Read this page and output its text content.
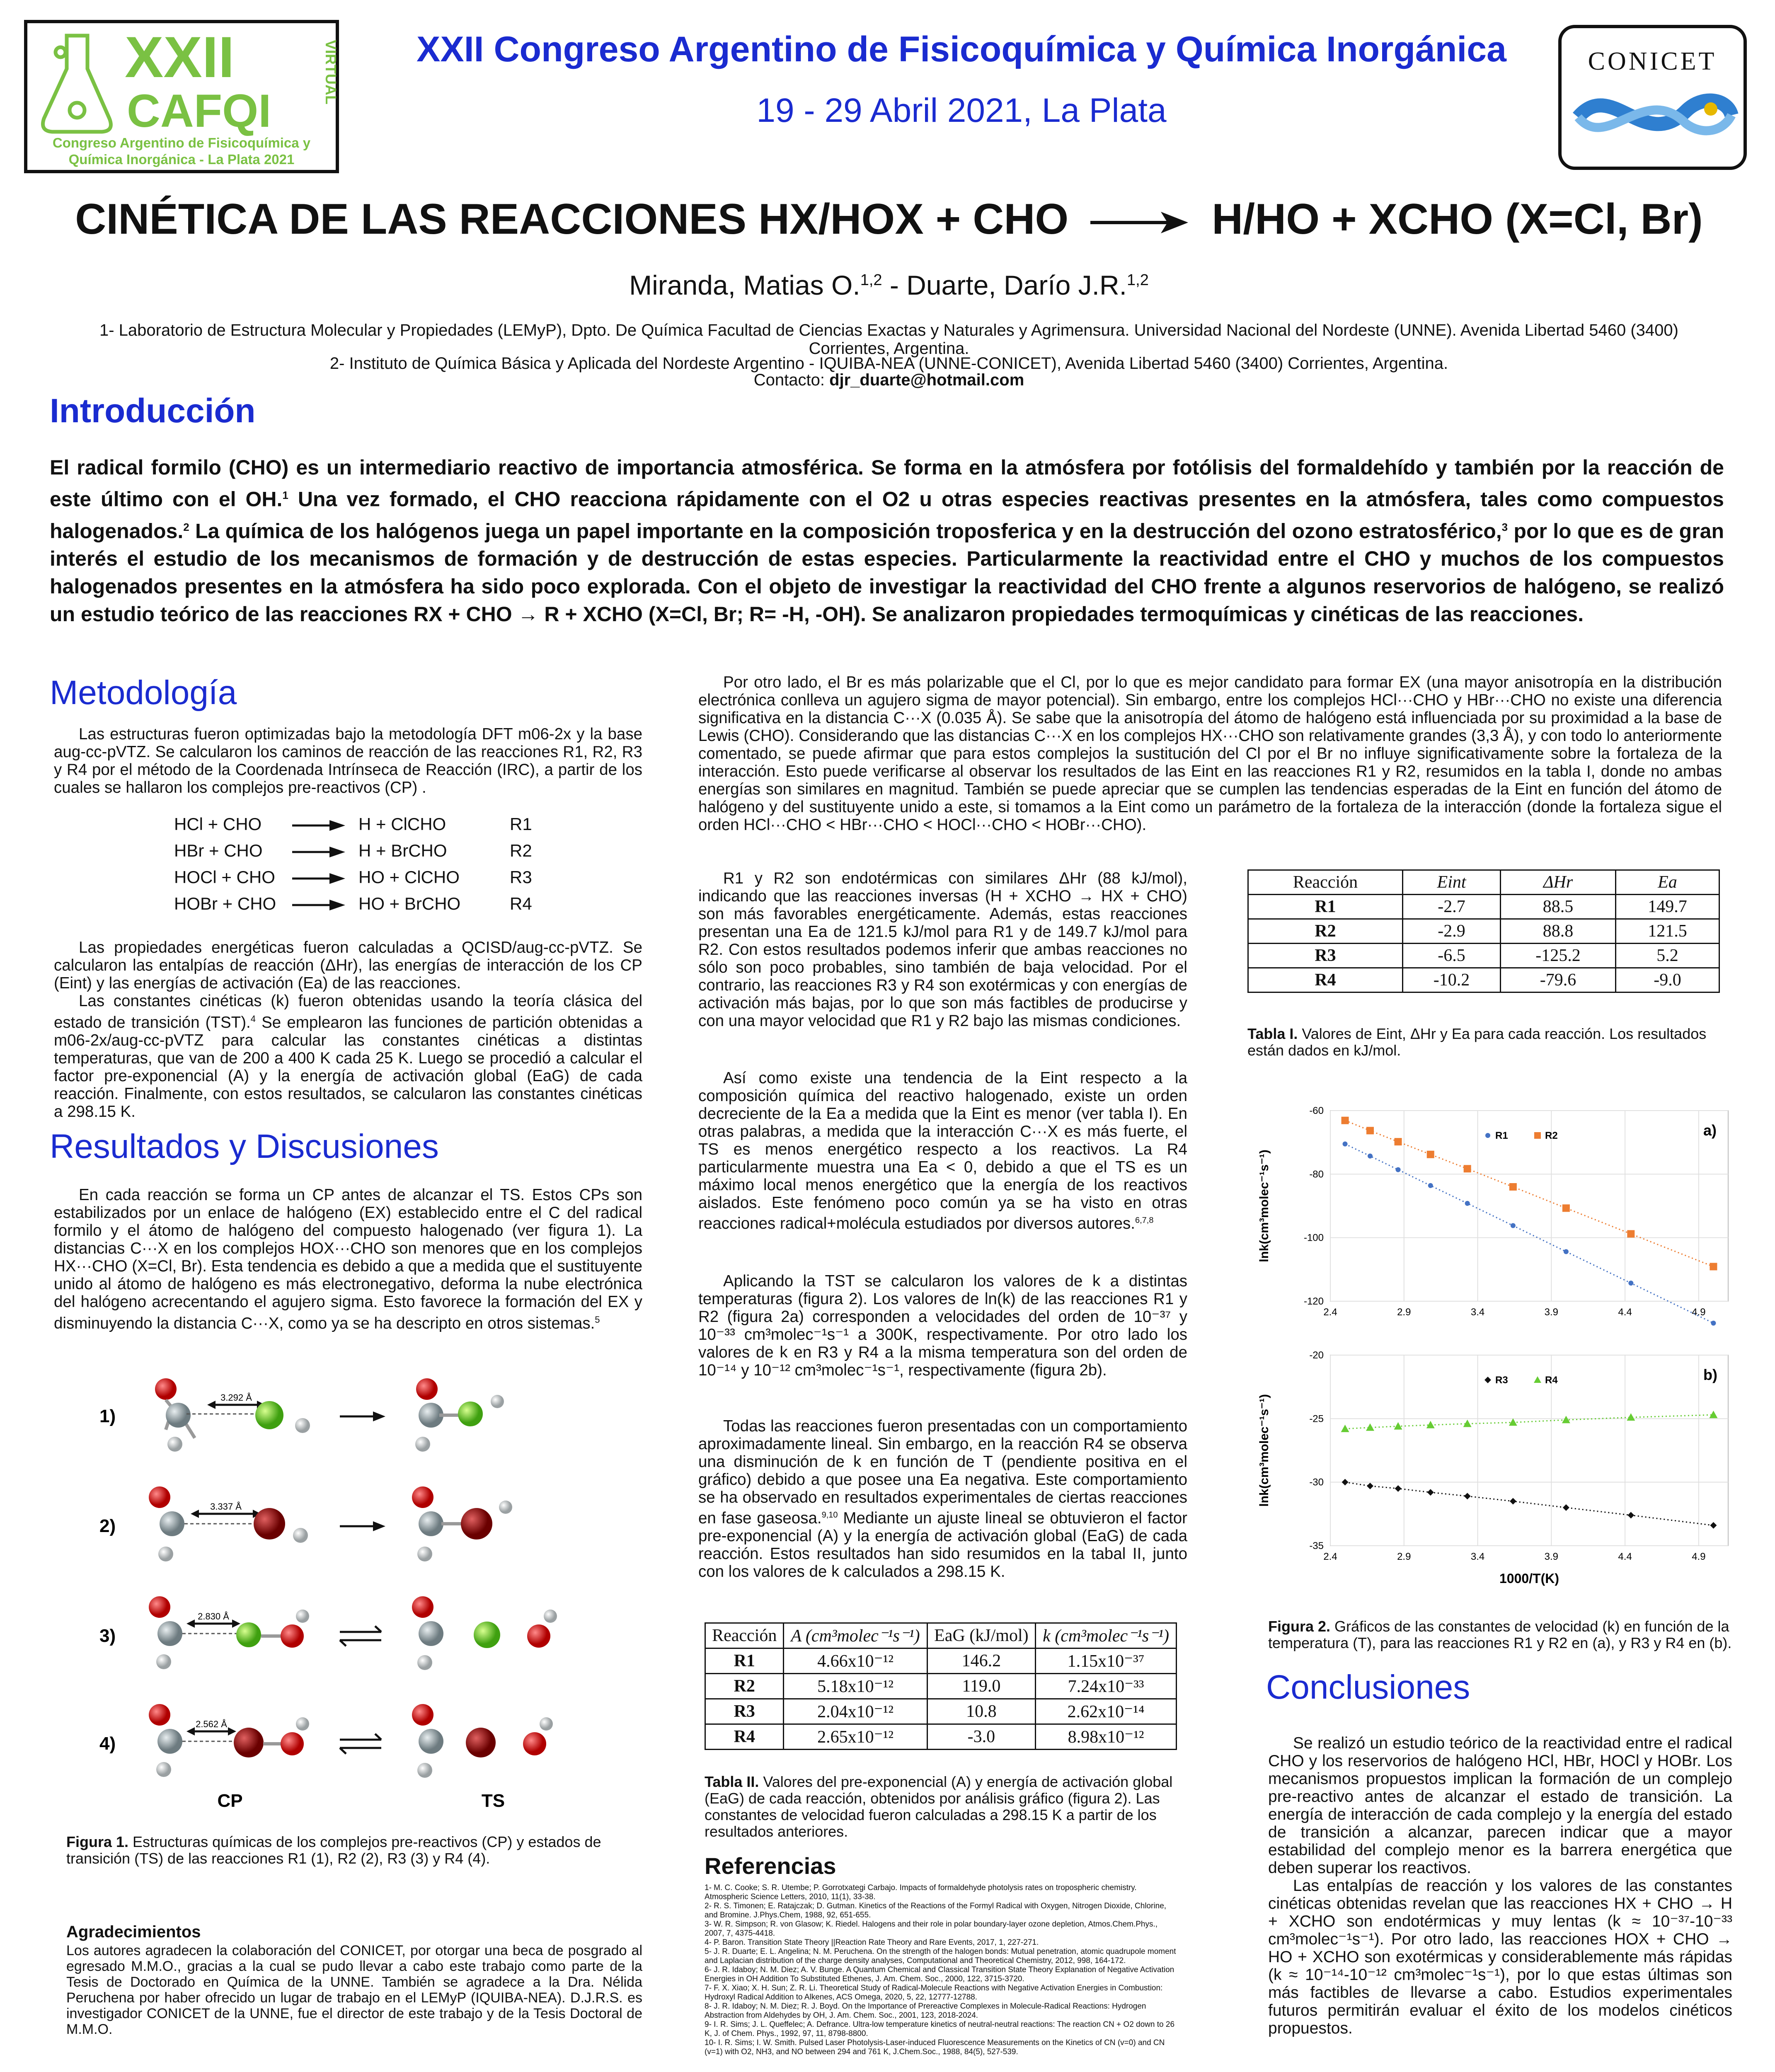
XXII
CAFQI
VIRTUAL
Congreso Argentino de Fisicoquímica y
Química Inorgánica - La Plata 2021
XXII Congreso Argentino de Fisicoquímica y Química Inorgánica
19 - 29 Abril 2021, La Plata
CONICET
CINÉTICA DE LAS REACCIONES HX/HOX + CHO	H/HO + XCHO (X=Cl, Br)
Miranda, Matias O.$^{1,2}$ - Duarte, Darío J.R.$^{1,2}$
1- Laboratorio de Estructura Molecular y Propiedades (LEMyP), Dpto. De Química Facultad de Ciencias Exactas y Naturales y Agrimensura. Universidad Nacional del Nordeste (UNNE). Avenida Libertad 5460 (3400) Corrientes, Argentina.
2- Instituto de Química Básica y Aplicada del Nordeste Argentino - IQUIBA-NEA (UNNE-CONICET), Avenida Libertad 5460 (3400) Corrientes, Argentina.
Contacto: djr_duarte@hotmail.com
Introducción
El radical formilo (CHO) es un intermediario reactivo de importancia atmosférica. Se forma en la atmósfera por fotólisis del formaldehído y también por la reacción de este último con el OH.$^1$ Una vez formado, el CHO reacciona rápidamente con el O2 u otras especies reactivas presentes en la atmósfera, tales como compuestos halogenados.$^2$ La química de los halógenos juega un papel importante en la composición troposferica y en la destrucción del ozono estratosférico,$^3$ por lo que es de gran interés el estudio de los mecanismos de formación y de destrucción de estas especies. Particularmente la reactividad entre el CHO y muchos de los compuestos halogenados presentes en la atmósfera ha sido poco explorada. Con el objeto de investigar la reactividad del CHO frente a algunos reservorios de halógeno, se realizó un estudio teórico de las reacciones RX + CHO → R + XCHO (X=Cl, Br; R= -H, -OH). Se analizaron propiedades termoquímicas y cinéticas de las reacciones.
Metodología
Las estructuras fueron optimizadas bajo la metodología DFT m06-2x y la base aug-cc-pVTZ. Se calcularon los caminos de reacción de las reacciones R1, R2, R3 y R4 por el método de la Coordenada Intrínseca de Reacción (IRC), a partir de los cuales se hallaron los complejos pre-reactivos (CP) .
HCl + CHO	H + ClCHO	R1
HBr + CHO	H + BrCHO	R2
HOCl + CHO	HO + ClCHO	R3
HOBr + CHO	HO + BrCHO	R4
Las propiedades energéticas fueron calculadas a QCISD/aug-cc-pVTZ. Se calcularon las entalpías de reacción (ΔHr), las energías de interacción de los CP (Eint) y las energías de activación (Ea) de las reacciones.
Las constantes cinéticas (k) fueron obtenidas usando la teoría clásica del estado de transición (TST).$^4$ Se emplearon las funciones de partición obtenidas a m06-2x/aug-cc-pVTZ para calcular las constantes cinéticas a distintas temperaturas, que van de 200 a 400 K cada 25 K. Luego se procedió a calcular el factor pre-exponencial (A) y la energía de activación global (EaG) de cada reacción. Finalmente, con estos resultados, se calcularon las constantes cinéticas a 298.15 K.
Resultados y Discusiones
En cada reacción se forma un CP antes de alcanzar el TS. Estos CPs son estabilizados por un enlace de halógeno (EX) establecido entre el C del radical formilo y el átomo de halógeno del compuesto halogenado (ver figura 1). La distancias C···X en los complejos HOX···CHO son menores que en los complejos HX···CHO (X=Cl, Br). Esta tendencia es debido a que a medida que el sustituyente unido al átomo de halógeno es más electronegativo, deforma la nube electrónica del halógeno acrecentando el agujero sigma. Esto favorece la formación del EX y disminuyendo la distancia C···X, como ya se ha descripto en otros sistemas.$^5$
1)
3.292 Å
2)
3.337 Å
3)
2.830 Å
4)
2.562 Å
CP	TS
Figura 1. Estructuras químicas de los complejos pre-reactivos (CP) y estados de transición (TS) de las reacciones R1 (1), R2 (2), R3 (3) y R4 (4).
Agradecimientos
Los autores agradecen la colaboración del CONICET, por otorgar una beca de posgrado al egresado M.M.O., gracias a la cual se pudo llevar a cabo este trabajo como parte de la Tesis de Doctorado en Química de la UNNE. También se agradece a la Dra. Nélida Peruchena por haber ofrecido un lugar de trabajo en el LEMyP (IQUIBA-NEA). D.J.R.S. es investigador CONICET de la UNNE, fue el director de este trabajo y de la Tesis Doctoral de M.M.O.
Por otro lado, el Br es más polarizable que el Cl, por lo que es mejor candidato para formar EX (una mayor anisotropía en la distribución electrónica conlleva un agujero sigma de mayor potencial). Sin embargo, entre los complejos HCl···CHO y HBr···CHO no existe una diferencia significativa en la distancia C···X (0.035 Å). Se sabe que la anisotropía del átomo de halógeno está influenciada por su proximidad a la base de Lewis (CHO). Considerando que las distancias C···X en los complejos HX···CHO son relativamente grandes (3,3 Å), y con todo lo anteriormente comentado, se puede afirmar que para estos complejos la sustitución del Cl por el Br no influye significativamente sobre la fortaleza de la interacción. Esto puede verificarse al observar los resultados de las Eint en las reacciones R1 y R2, resumidos en la tabla I, donde no ambas energías son similares en magnitud. También se puede apreciar que se cumplen las tendencias esperadas de la Eint en función del átomo de halógeno y del sustituyente unido a este, si tomamos a la Eint como un parámetro de la fortaleza de la interacción (donde la fortaleza sigue el orden HCl···CHO < HBr···CHO < HOCl···CHO < HOBr···CHO).
R1 y R2 son endotérmicas con similares ΔHr (88 kJ/mol), indicando que las reacciones inversas (H + XCHO → HX + CHO) son más favorables energéticamente. Además, estas reacciones presentan una Ea de 121.5 kJ/mol para R1 y de 149.7 kJ/mol para R2. Con estos resultados podemos inferir que ambas reacciones no sólo son poco probables, sino también de baja velocidad. Por el contrario, las reacciones R3 y R4 son exotérmicas y con energías de activación más bajas, por lo que son más factibles de producirse y con una mayor velocidad que R1 y R2 bajo las mismas condiciones.
Así como existe una tendencia de la Eint respecto a la composición química del reactivo halogenado, existe un orden decreciente de la Ea a medida que la Eint es menor (ver tabla I). En otras palabras, a medida que la interacción C···X es más fuerte, el TS es menos energético respecto a los reactivos. La R4 particularmente muestra una Ea < 0, debido a que el TS es un máximo local menos energético que la energía de los reactivos aislados. Este fenómeno poco común ya se ha visto en otras reacciones radical+molécula estudiados por diversos autores.$^{6,7,8}$
Aplicando la TST se calcularon los valores de k a distintas temperaturas (figura 2). Los valores de ln(k) de las reacciones R1 y R2 (figura 2a) corresponden a velocidades del orden de 10⁻³⁷ y 10⁻³³ cm³molec⁻¹s⁻¹ a 300K, respectivamente. Por otro lado los valores de k en R3 y R4 a la misma temperatura son del orden de 10⁻¹⁴ y 10⁻¹² cm³molec⁻¹s⁻¹, respectivamente (figura 2b).
Todas las reacciones fueron presentadas con un comportamiento aproximadamente lineal. Sin embargo, en la reacción R4 se observa una disminución de k en función de T (pendiente positiva en el gráfico) debido a que posee una Ea negativa. Este comportamiento se ha observado en resultados experimentales de ciertas reacciones en fase gaseosa.$^{9,10}$ Mediante un ajuste lineal se obtuvieron el factor pre-exponencial (A) y la energía de activación global (EaG) de cada reacción. Estos resultados han sido resumidos en la tabal II, junto con los valores de k calculados a 298.15 K.
Reacción	A (cm³molec⁻¹s⁻¹)	EaG (kJ/mol)	k (cm³molec⁻¹s⁻¹)
R1	4.66x10⁻¹²	146.2	1.15x10⁻³⁷
R2	5.18x10⁻¹²	119.0	7.24x10⁻³³
R3	2.04x10⁻¹²	10.8	2.62x10⁻¹⁴
R4	2.65x10⁻¹²	-3.0	8.98x10⁻¹²
Tabla II. Valores del pre-exponencial (A) y energía de activación global (EaG) de cada reacción, obtenidos por análisis gráfico (figura 2). Las constantes de velocidad fueron calculadas a 298.15 K a partir de los resultados anteriores.
Referencias
1- M. C. Cooke; S. R. Utembe; P. Gorrotxategi Carbajo. Impacts of formaldehyde photolysis rates on tropospheric chemistry. Atmospheric Science Letters, 2010, 11(1), 33-38.
2- R. S. Timonen; E. Ratajczak; D. Gutman. Kinetics of the Reactions of the Formyl Radical with Oxygen, Nitrogen Dioxide, Chlorine, and Bromine. J.Phys.Chem, 1988, 92, 651-655.
3- W. R. Simpson; R. von Glasow; K. Riedel. Halogens and their role in polar boundary-layer ozone depletion, Atmos.Chem.Phys., 2007, 7, 4375-4418.
4- P. Baron. Transition State Theory ||Reaction Rate Theory and Rare Events, 2017, 1, 227-271.
5- J. R. Duarte; E. L. Angelina; N. M. Peruchena. On the strength of the halogen bonds: Mutual penetration, atomic quadrupole moment and Laplacian distribution of the charge density analyses, Computational and Theoretical Chemistry, 2012, 998, 164-172.
6- J. R. Idaboy; N. M. Diez; A. V. Bunge. A Quantum Chemical and Classical Transition State Theory Explanation of Negative Activation Energies in OH Addition To Substituted Ethenes, J. Am. Chem. Soc., 2000, 122, 3715-3720.
7- F. X. Xiao; X. H. Sun; Z. R. Li. Theoretical Study of Radical-Molecule Reactions with Negative Activation Energies in Combustion: Hydroxyl Radical Addition to Alkenes, ACS Omega, 2020, 5, 22, 12777-12788.
8- J. R. Idaboy; N. M. Diez; R. J. Boyd. On the Importance of Prereactive Complexes in Molecule-Radical Reactions: Hydrogen Abstraction from Aldehydes by OH, J. Am. Chem. Soc., 2001, 123, 2018-2024.
9- I. R. Sims; J. L. Queffelec; A. Defrance. Ultra-low temperature kinetics of neutral-neutral reactions: The reaction CN + O2 down to 26 K, J. of Chem. Phys., 1992, 97, 11, 8798-8800.
10- I. R. Sims; I. W. Smith. Pulsed Laser Photolysis-Laser-induced Fluorescence Measurements on the Kinetics of CN (v=0) and CN (v=1) with O2, NH3, and NO between 294 and 761 K, J.Chem.Soc., 1988, 84(5), 527-539.
Reacción	Eint	ΔHr	Ea
R1	-2.7	88.5	149.7
R2	-2.9	88.8	121.5
R3	-6.5	-125.2	5.2
R4	-10.2	-79.6	-9.0
Tabla I. Valores de Eint, ΔHr y Ea para cada reacción. Los resultados están dados en kJ/mol.
2.4	2.9	3.4	3.9	4.4	4.9
-60
-80
-100
-120
lnk(cm³molec⁻¹s⁻¹)
a)
R1	R2
2.4	2.9	3.4	3.9	4.4	4.9
-20
-25
-30
-35
lnk(cm³molec⁻¹s⁻¹)
1000/T(K)
b)
R3	R4
Figura 2. Gráficos de las constantes de velocidad (k) en función de la temperatura (T), para las reacciones R1 y R2 en (a), y R3 y R4 en (b).
Conclusiones
Se realizó un estudio teórico de la reactividad entre el radical CHO y los reservorios de halógeno HCl, HBr, HOCl y HOBr. Los mecanismos propuestos implican la formación de un complejo pre-reactivo antes de alcanzar el estado de transición. La energía de interacción de cada complejo y la energía del estado de transición a alcanzar, parecen indicar que a mayor estabilidad del complejo menor es la barrera energética que deben superar los reactivos.
Las entalpías de reacción y los valores de las constantes cinéticas obtenidas revelan que las reacciones HX + CHO → H + XCHO son endotérmicas y muy lentas (k ≈ 10⁻³⁷-10⁻³³ cm³molec⁻¹s⁻¹). Por otro lado, las reacciones HOX + CHO → HO + XCHO son exotérmicas y considerablemente más rápidas (k ≈ 10⁻¹⁴-10⁻¹² cm³molec⁻¹s⁻¹), por lo que estas últimas son más factibles de llevarse a cabo. Estudios experimentales futuros permitirán evaluar el éxito de los modelos cinéticos propuestos.
